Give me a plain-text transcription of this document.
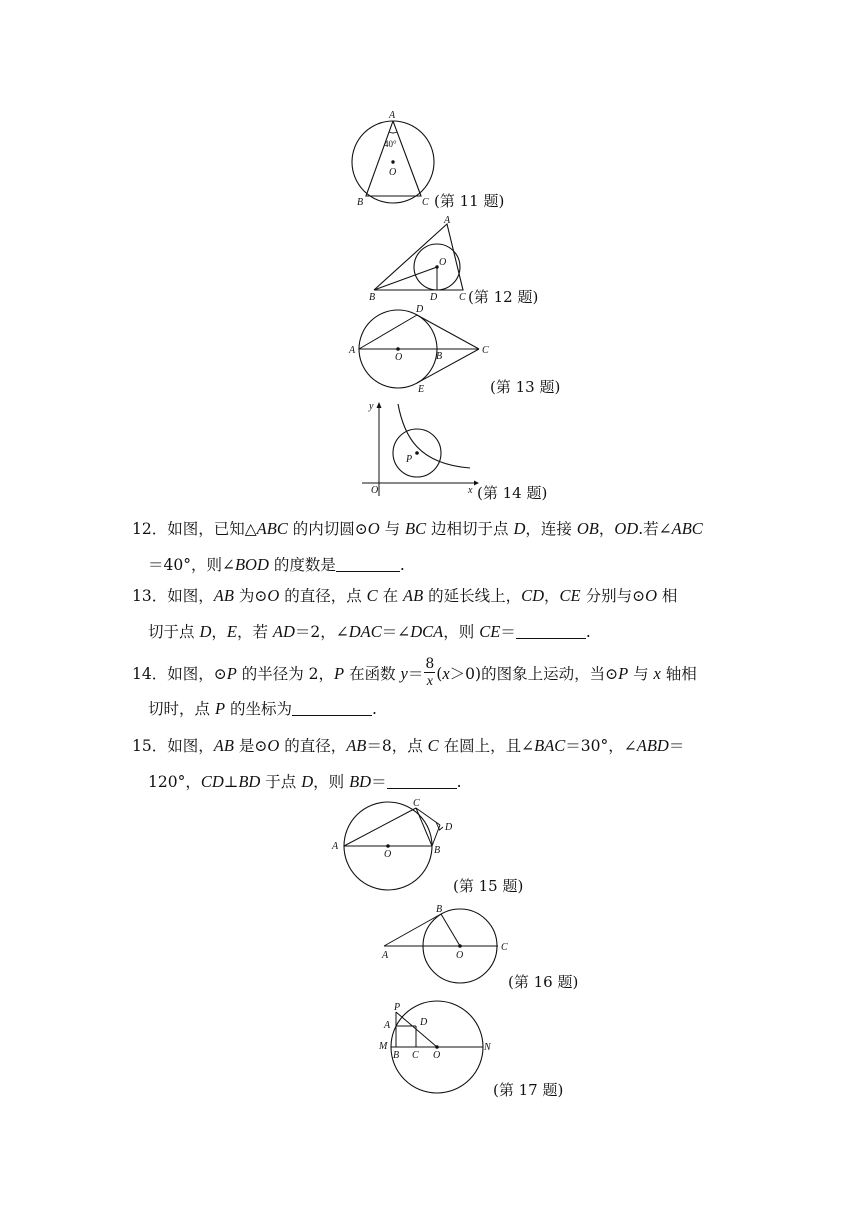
A
40°
O
B	C (第 11 题)
A
O
B	D C (第 12 题)
A
D
O	B
C
E	(第 13 题)
y
P
O	x (第 14 题)
12．如图，已知△ABC 的内切圆⊙O 与 BC 边相切于点 D，连接 OB，OD.若∠ABC
＝40°，则∠BOD 的度数是	.
13．如图，AB 为⊙O 的直径，点 C 在 AB 的延长线上，CD，CE 分别与⊙O 相
切于点 D，E，若 AD＝2，∠DAC＝∠DCA，则 CE＝	.
14．如图，⊙P 的半径为 2，P 在函数 $y= \frac{8}{x} (x>0)$的图象上运动，当⊙P 与 x 轴相
切时，点 P 的坐标为	.
15．如图，AB 是⊙O 的直径，AB＝8，点 C 在圆上，且∠BAC＝30°，∠ABD＝
120°，CD⊥BD 于点 D，则 BD＝	.
C
D
A
O	B
(第 15 题)
B
A	O
C
(第 16 题)
P
A	D
M
B C O
N
(第 17 题)
